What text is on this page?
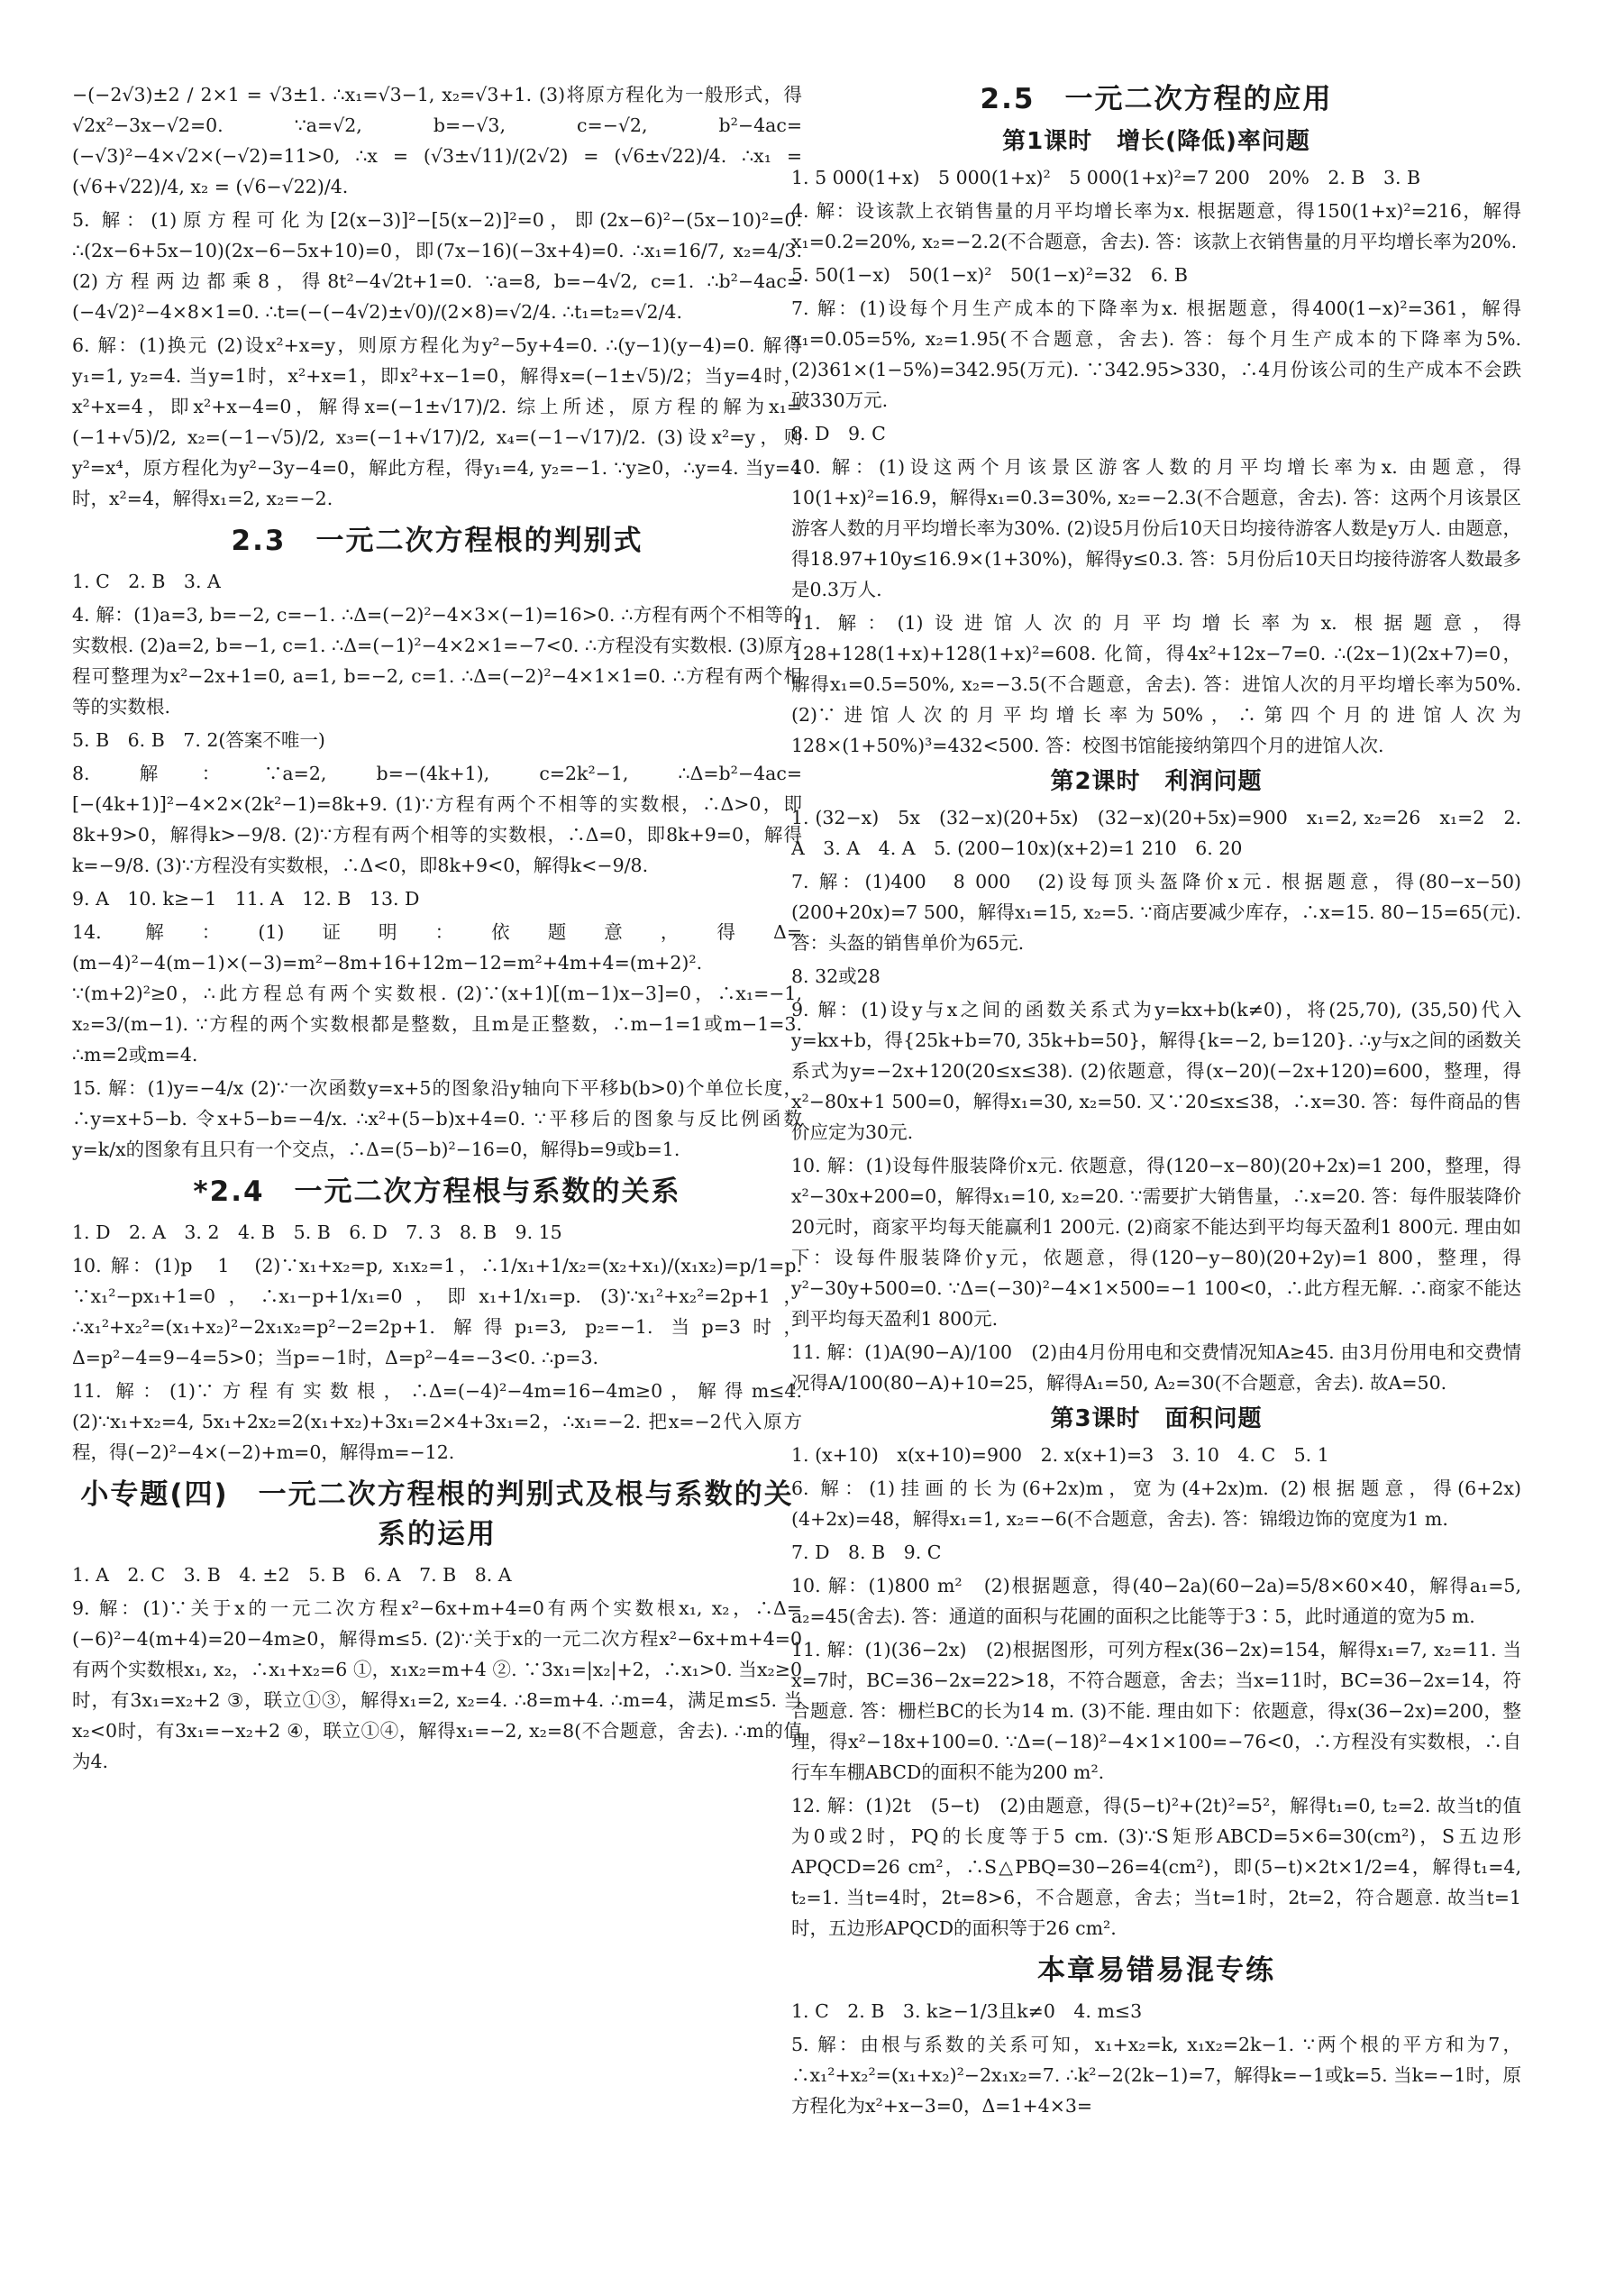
−(−2√3)±2 / 2×1 = √3±1. ∴x₁=√3−1, x₂=√3+1. (3)将原方程化为一般形式，得√2x²−3x−√2=0. ∵a=√2, b=−√3, c=−√2, b²−4ac=(−√3)²−4×√2×(−√2)=11>0, ∴x = (√3±√11)/(2√2) = (√6±√22)/4. ∴x₁ = (√6+√22)/4, x₂ = (√6−√22)/4.

5. 解：(1)原方程可化为[2(x−3)]²−[5(x−2)]²=0，即(2x−6)²−(5x−10)²=0. ∴(2x−6+5x−10)(2x−6−5x+10)=0，即(7x−16)(−3x+4)=0. ∴x₁=16/7, x₂=4/3. (2)方程两边都乘8，得8t²−4√2t+1=0. ∵a=8, b=−4√2, c=1. ∴b²−4ac=(−4√2)²−4×8×1=0. ∴t=(−(−4√2)±√0)/(2×8)=√2/4. ∴t₁=t₂=√2/4.

6. 解：(1)换元 (2)设x²+x=y，则原方程化为y²−5y+4=0. ∴(y−1)(y−4)=0. 解得y₁=1, y₂=4. 当y=1时，x²+x=1，即x²+x−1=0，解得x=(−1±√5)/2；当y=4时，x²+x=4，即x²+x−4=0，解得x=(−1±√17)/2. 综上所述，原方程的解为x₁=(−1+√5)/2, x₂=(−1−√5)/2, x₃=(−1+√17)/2, x₄=(−1−√17)/2. (3)设x²=y，则y²=x⁴，原方程化为y²−3y−4=0，解此方程，得y₁=4, y₂=−1. ∵y≥0，∴y=4. 当y=4时，x²=4，解得x₁=2, x₂=−2.

2.3　一元二次方程根的判别式

1. C　2. B　3. A

4. 解：(1)a=3, b=−2, c=−1. ∴Δ=(−2)²−4×3×(−1)=16>0. ∴方程有两个不相等的实数根. (2)a=2, b=−1, c=1. ∴Δ=(−1)²−4×2×1=−7<0. ∴方程没有实数根. (3)原方程可整理为x²−2x+1=0, a=1, b=−2, c=1. ∴Δ=(−2)²−4×1×1=0. ∴方程有两个相等的实数根.

5. B　6. B　7. 2(答案不唯一)

8. 解：∵a=2, b=−(4k+1), c=2k²−1, ∴Δ=b²−4ac=[−(4k+1)]²−4×2×(2k²−1)=8k+9. (1)∵方程有两个不相等的实数根，∴Δ>0，即8k+9>0，解得k>−9/8. (2)∵方程有两个相等的实数根，∴Δ=0，即8k+9=0，解得k=−9/8. (3)∵方程没有实数根，∴Δ<0，即8k+9<0，解得k<−9/8.

9. A　10. k≥−1　11. A　12. B　13. D

14. 解：(1)证明：依题意，得Δ=(m−4)²−4(m−1)×(−3)=m²−8m+16+12m−12=m²+4m+4=(m+2)². ∵(m+2)²≥0，∴此方程总有两个实数根. (2)∵(x+1)[(m−1)x−3]=0，∴x₁=−1, x₂=3/(m−1). ∵方程的两个实数根都是整数，且m是正整数，∴m−1=1或m−1=3. ∴m=2或m=4.

15. 解：(1)y=−4/x (2)∵一次函数y=x+5的图象沿y轴向下平移b(b>0)个单位长度，∴y=x+5−b. 令x+5−b=−4/x. ∴x²+(5−b)x+4=0. ∵平移后的图象与反比例函数y=k/x的图象有且只有一个交点，∴Δ=(5−b)²−16=0，解得b=9或b=1.

*2.4　一元二次方程根与系数的关系

1. D　2. A　3. 2　4. B　5. B　6. D　7. 3　8. B　9. 15

10. 解：(1)p　1　(2)∵x₁+x₂=p, x₁x₂=1，∴1/x₁+1/x₂=(x₂+x₁)/(x₁x₂)=p/1=p. ∵x₁²−px₁+1=0，∴x₁−p+1/x₁=0，即x₁+1/x₁=p. (3)∵x₁²+x₂²=2p+1，∴x₁²+x₂²=(x₁+x₂)²−2x₁x₂=p²−2=2p+1. 解得p₁=3, p₂=−1. 当p=3时，Δ=p²−4=9−4=5>0；当p=−1时，Δ=p²−4=−3<0. ∴p=3.

11. 解：(1)∵方程有实数根，∴Δ=(−4)²−4m=16−4m≥0，解得m≤4. (2)∵x₁+x₂=4, 5x₁+2x₂=2(x₁+x₂)+3x₁=2×4+3x₁=2，∴x₁=−2. 把x=−2代入原方程，得(−2)²−4×(−2)+m=0，解得m=−12.

小专题(四)　一元二次方程根的判别式及根与系数的关系的运用

1. A　2. C　3. B　4. ±2　5. B　6. A　7. B　8. A

9. 解：(1)∵关于x的一元二次方程x²−6x+m+4=0有两个实数根x₁, x₂，∴Δ=(−6)²−4(m+4)=20−4m≥0，解得m≤5. (2)∵关于x的一元二次方程x²−6x+m+4=0有两个实数根x₁, x₂，∴x₁+x₂=6 ①，x₁x₂=m+4 ②. ∵3x₁=|x₂|+2，∴x₁>0. 当x₂≥0时，有3x₁=x₂+2 ③，联立①③，解得x₁=2, x₂=4. ∴8=m+4. ∴m=4，满足m≤5. 当x₂<0时，有3x₁=−x₂+2 ④，联立①④，解得x₁=−2, x₂=8(不合题意，舍去). ∴m的值为4.

2.5　一元二次方程的应用
第1课时　增长(降低)率问题

1. 5 000(1+x)　5 000(1+x)²　5 000(1+x)²=7 200　20%　2. B　3. B

4. 解：设该款上衣销售量的月平均增长率为x. 根据题意，得150(1+x)²=216，解得x₁=0.2=20%, x₂=−2.2(不合题意，舍去). 答：该款上衣销售量的月平均增长率为20%.

5. 50(1−x)　50(1−x)²　50(1−x)²=32　6. B

7. 解：(1)设每个月生产成本的下降率为x. 根据题意，得400(1−x)²=361，解得x₁=0.05=5%, x₂=1.95(不合题意，舍去). 答：每个月生产成本的下降率为5%. (2)361×(1−5%)=342.95(万元). ∵342.95>330，∴4月份该公司的生产成本不会跌破330万元.

8. D　9. C

10. 解：(1)设这两个月该景区游客人数的月平均增长率为x. 由题意，得10(1+x)²=16.9，解得x₁=0.3=30%, x₂=−2.3(不合题意，舍去). 答：这两个月该景区游客人数的月平均增长率为30%. (2)设5月份后10天日均接待游客人数是y万人. 由题意，得18.97+10y≤16.9×(1+30%)，解得y≤0.3. 答：5月份后10天日均接待游客人数最多是0.3万人.

11. 解：(1)设进馆人次的月平均增长率为x. 根据题意，得128+128(1+x)+128(1+x)²=608. 化简，得4x²+12x−7=0. ∴(2x−1)(2x+7)=0，解得x₁=0.5=50%, x₂=−3.5(不合题意，舍去). 答：进馆人次的月平均增长率为50%. (2)∵进馆人次的月平均增长率为50%，∴第四个月的进馆人次为128×(1+50%)³=432<500. 答：校图书馆能接纳第四个月的进馆人次.

第2课时　利润问题

1. (32−x)　5x　(32−x)(20+5x)　(32−x)(20+5x)=900　x₁=2, x₂=26　x₁=2　2. A　3. A　4. A　5. (200−10x)(x+2)=1 210　6. 20

7. 解：(1)400　8 000　(2)设每顶头盔降价x元. 根据题意，得(80−x−50)(200+20x)=7 500，解得x₁=15, x₂=5. ∵商店要减少库存，∴x=15. 80−15=65(元). 答：头盔的销售单价为65元.

8. 32或28

9. 解：(1)设y与x之间的函数关系式为y=kx+b(k≠0)，将(25,70), (35,50)代入y=kx+b，得{25k+b=70, 35k+b=50}，解得{k=−2, b=120}. ∴y与x之间的函数关系式为y=−2x+120(20≤x≤38). (2)依题意，得(x−20)(−2x+120)=600，整理，得x²−80x+1 500=0，解得x₁=30, x₂=50. 又∵20≤x≤38，∴x=30. 答：每件商品的售价应定为30元.

10. 解：(1)设每件服装降价x元. 依题意，得(120−x−80)(20+2x)=1 200，整理，得x²−30x+200=0，解得x₁=10, x₂=20. ∵需要扩大销售量，∴x=20. 答：每件服装降价20元时，商家平均每天能赢利1 200元. (2)商家不能达到平均每天盈利1 800元. 理由如下：设每件服装降价y元，依题意，得(120−y−80)(20+2y)=1 800，整理，得y²−30y+500=0. ∵Δ=(−30)²−4×1×500=−1 100<0，∴此方程无解. ∴商家不能达到平均每天盈利1 800元.

11. 解：(1)A(90−A)/100　(2)由4月份用电和交费情况知A≥45. 由3月份用电和交费情况得A/100(80−A)+10=25，解得A₁=50, A₂=30(不合题意，舍去). 故A=50.

第3课时　面积问题

1. (x+10)　x(x+10)=900　2. x(x+1)=3　3. 10　4. C　5. 1

6. 解：(1)挂画的长为(6+2x)m，宽为(4+2x)m. (2)根据题意，得(6+2x)(4+2x)=48，解得x₁=1, x₂=−6(不合题意，舍去). 答：锦缎边饰的宽度为1 m.

7. D　8. B　9. C

10. 解：(1)800 m²　(2)根据题意，得(40−2a)(60−2a)=5/8×60×40，解得a₁=5, a₂=45(舍去). 答：通道的面积与花圃的面积之比能等于3∶5，此时通道的宽为5 m.

11. 解：(1)(36−2x)　(2)根据图形，可列方程x(36−2x)=154，解得x₁=7, x₂=11. 当x=7时，BC=36−2x=22>18，不符合题意，舍去；当x=11时，BC=36−2x=14，符合题意. 答：栅栏BC的长为14 m. (3)不能. 理由如下：依题意，得x(36−2x)=200，整理，得x²−18x+100=0. ∵Δ=(−18)²−4×1×100=−76<0，∴方程没有实数根，∴自行车车棚ABCD的面积不能为200 m².

12. 解：(1)2t　(5−t)　(2)由题意，得(5−t)²+(2t)²=5²，解得t₁=0, t₂=2. 故当t的值为0或2时，PQ的长度等于5 cm. (3)∵S矩形ABCD=5×6=30(cm²)，S五边形APQCD=26 cm²，∴S△PBQ=30−26=4(cm²)，即(5−t)×2t×1/2=4，解得t₁=4, t₂=1. 当t=4时，2t=8>6，不合题意，舍去；当t=1时，2t=2，符合题意. 故当t=1时，五边形APQCD的面积等于26 cm².

本章易错易混专练

1. C　2. B　3. k≥−1/3且k≠0　4. m≤3

5. 解：由根与系数的关系可知，x₁+x₂=k, x₁x₂=2k−1. ∵两个根的平方和为7，∴x₁²+x₂²=(x₁+x₂)²−2x₁x₂=7. ∴k²−2(2k−1)=7，解得k=−1或k=5. 当k=−1时，原方程化为x²+x−3=0，Δ=1+4×3=
